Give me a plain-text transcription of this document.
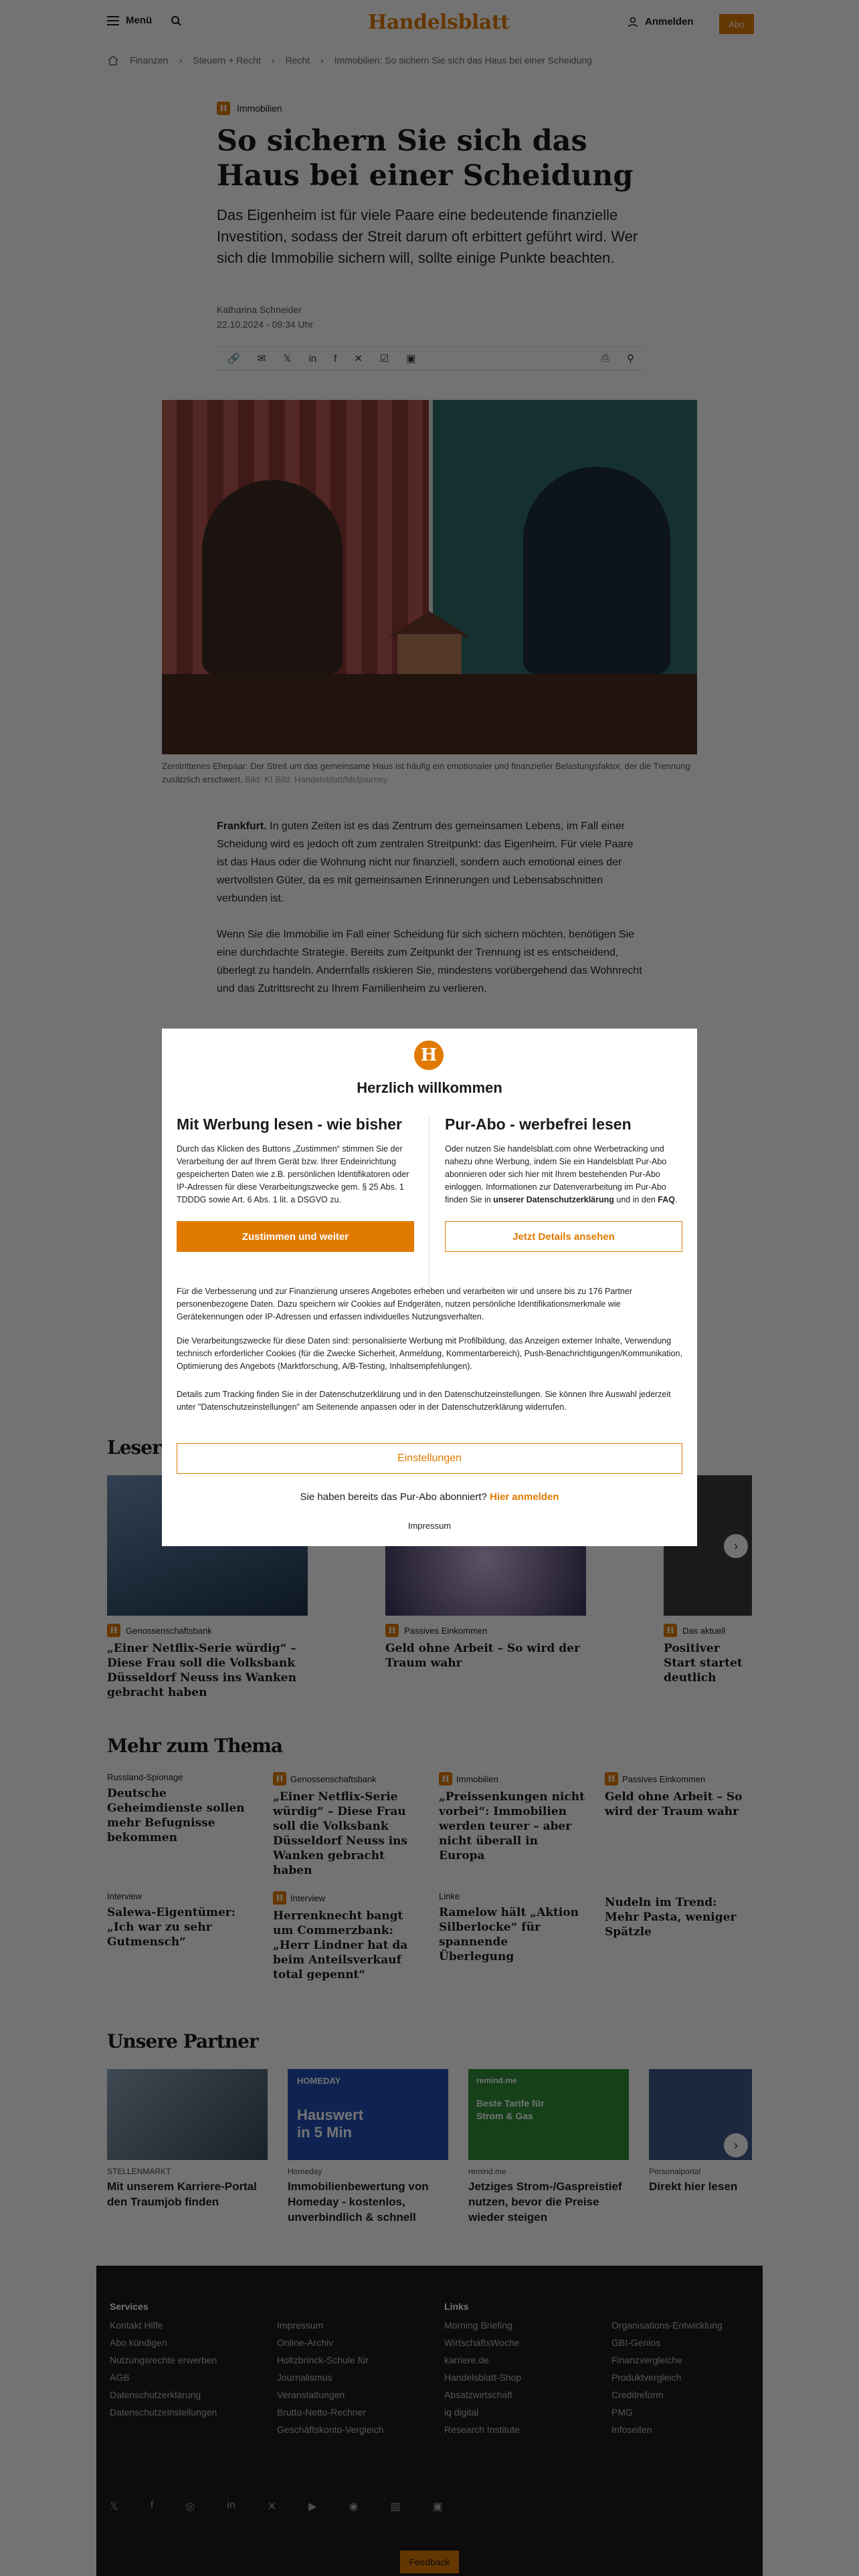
H
Herzlich willkommen
Mit Werbung lesen - wie bisher

Durch das Klicken des Buttons „Zustimmen“ stimmen Sie der Verarbeitung der auf Ihrem Gerät bzw. Ihrer Endeinrichtung gespeicherten Daten wie z.B. persönlichen Identifikatoren oder IP-Adressen für diese Verarbeitungszwecke gem. § 25 Abs. 1 TDDDG sowie Art. 6 Abs. 1 lit. a DSGVO zu.

Zustimmen und weiter
Pur-Abo - werbefrei lesen

Oder nutzen Sie handelsblatt.com ohne Werbetracking und nahezu ohne Werbung, indem Sie ein Handelsblatt Pur-Abo abonnieren oder sich hier mit Ihrem bestehenden Pur-Abo einloggen. Informationen zur Datenverarbeitung im Pur-Abo finden Sie in unserer Datenschutzerklärung und in den FAQ.

Jetzt Details ansehen

Für die Verbesserung und zur Finanzierung unseres Angebotes erheben und verarbeiten wir und unsere bis zu 176 Partner personenbezogene Daten. Dazu speichern wir Cookies auf Endgeräten, nutzen persönliche Identifikationsmerkmale wie Gerätekennungen oder IP-Adressen und erfassen individuelles Nutzungsverhalten.

Die Verarbeitungszwecke für diese Daten sind: personalisierte Werbung mit Profilbildung, das Anzeigen externer Inhalte, Verwendung technisch erforderlicher Cookies (für die Zwecke Sicherheit, Anmeldung, Kommentarbereich), Push-Benachrichtigungen/Kommunikation, Optimierung des Angebots (Marktforschung, A/B-Testing, Inhaltsempfehlungen).

Details zum Tracking finden Sie in der Datenschutzerklärung und in den Datenschutzeinstellungen. Sie können Ihre Auswahl jederzeit unter "Datenschutzeinstellungen" am Seitenende anpassen oder in der Datenschutzerklärung widerrufen.

Einstellungen
Sie haben bereits das Pur-Abo abonniert? Hier anmelden
Impressum
